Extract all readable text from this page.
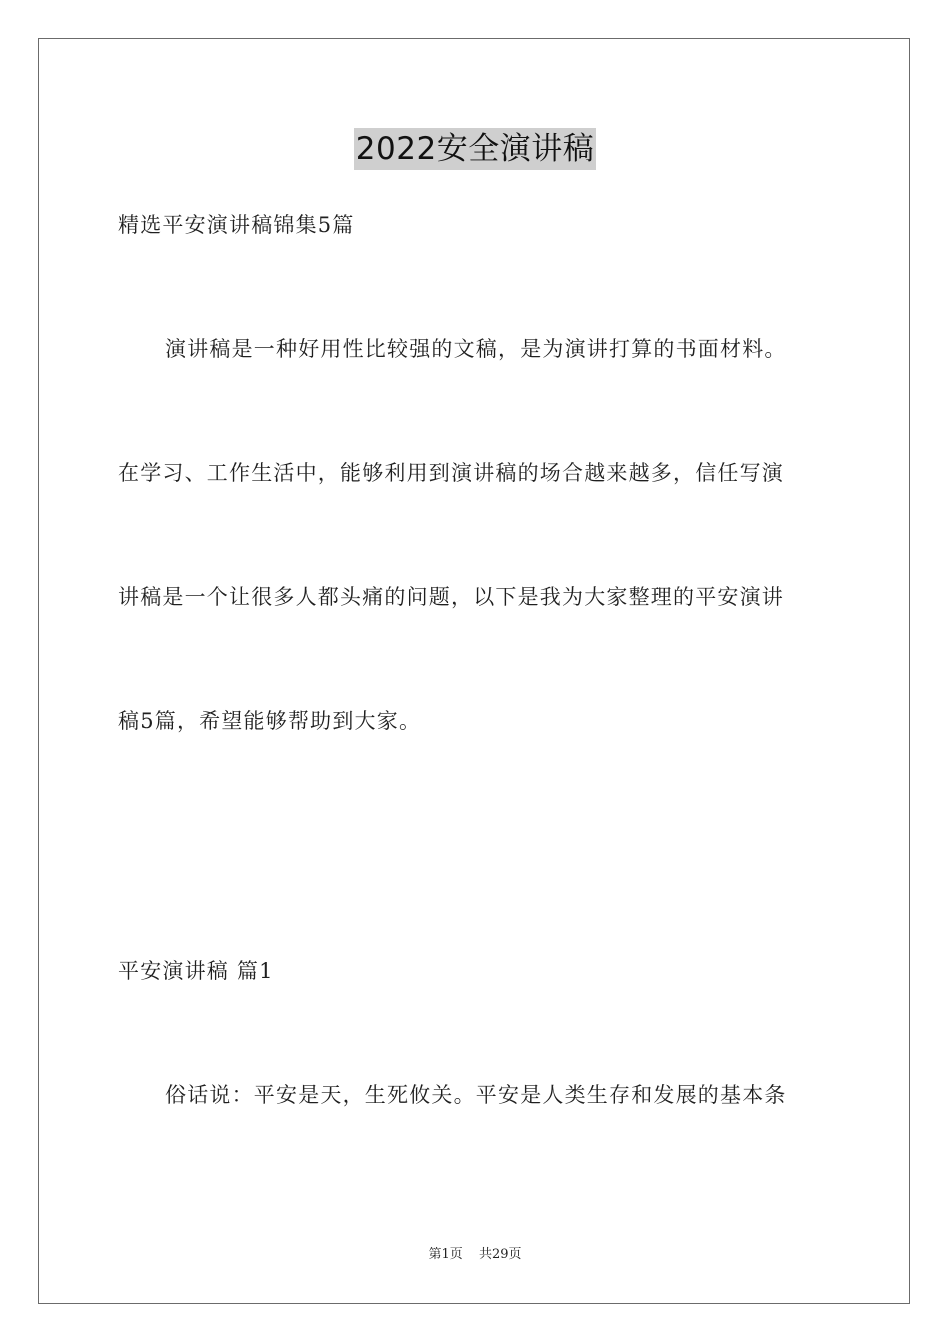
2022安全演讲稿
精选平安演讲稿锦集5篇
演讲稿是一种好用性比较强的文稿，是为演讲打算的书面材料。
在学习、工作生活中，能够利用到演讲稿的场合越来越多，信任写演
讲稿是一个让很多人都头痛的问题，以下是我为大家整理的平安演讲
稿5篇，希望能够帮助到大家。
平安演讲稿 篇1
俗话说：平安是天，生死攸关。平安是人类生存和发展的基本条
第1页 共29页
